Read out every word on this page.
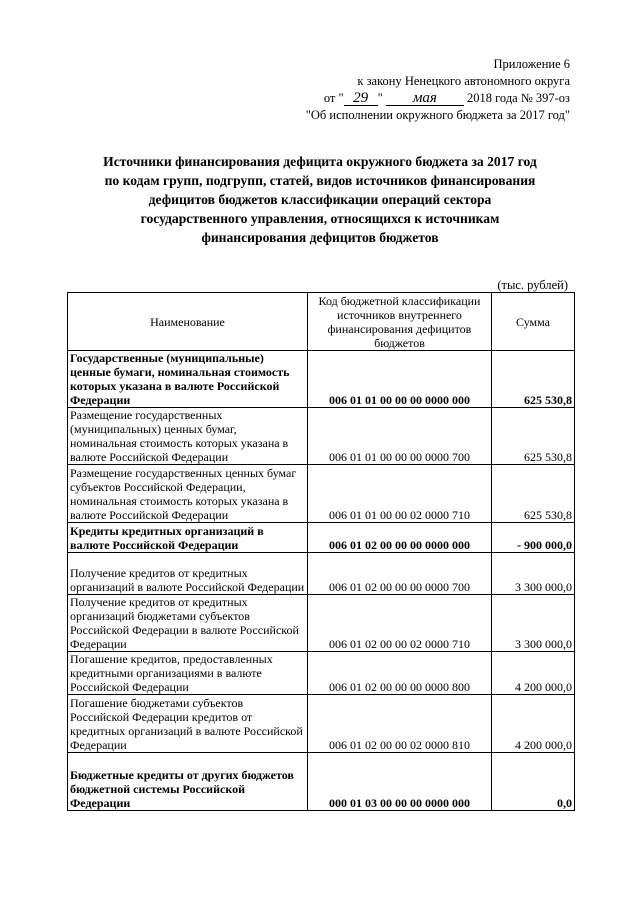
Приложение 6
к закону Ненецкого автономного округа
от " 29 " мая 2018 года № 397-оз
"Об исполнении окружного бюджета за 2017 год"
Источники финансирования дефицита окружного бюджета за 2017 год
по кодам групп, подгрупп, статей, видов источников финансирования
дефицитов бюджетов классификации операций сектора
государственного управления, относящихся к источникам
финансирования дефицитов бюджетов
(тыс. рублей)
Наименование	Код бюджетной классификации источников внутреннего финансирования дефицитов бюджетов	Сумма
Государственные (муниципальные) ценные бумаги, номинальная стоимость которых указана в валюте Российской Федерации	006 01 01 00 00 00 0000 000	625 530,8
Размещение государственных (муниципальных) ценных бумаг, номинальная стоимость которых указана в валюте Российской Федерации	006 01 01 00 00 00 0000 700	625 530,8
Размещение государственных ценных бумаг субъектов Российской Федерации, номинальная стоимость которых указана в валюте Российской Федерации	006 01 01 00 00 02 0000 710	625 530,8
Кредиты кредитных организаций в валюте Российской Федерации	006 01 02 00 00 00 0000 000	- 900 000,0
Получение кредитов от кредитных организаций в валюте Российской Федерации	006 01 02 00 00 00 0000 700	3 300 000,0
Получение кредитов от кредитных организаций бюджетами субъектов Российской Федерации в валюте Российской Федерации	006 01 02 00 00 02 0000 710	3 300 000,0
Погашение кредитов, предоставленных кредитными организациями в валюте Российской Федерации	006 01 02 00 00 00 0000 800	4 200 000,0
Погашение бюджетами субъектов Российской Федерации кредитов от кредитных организаций в валюте Российской Федерации	006 01 02 00 00 02 0000 810	4 200 000,0
Бюджетные кредиты от других бюджетов бюджетной системы Российской Федерации	000 01 03 00 00 00 0000 000	0,0
